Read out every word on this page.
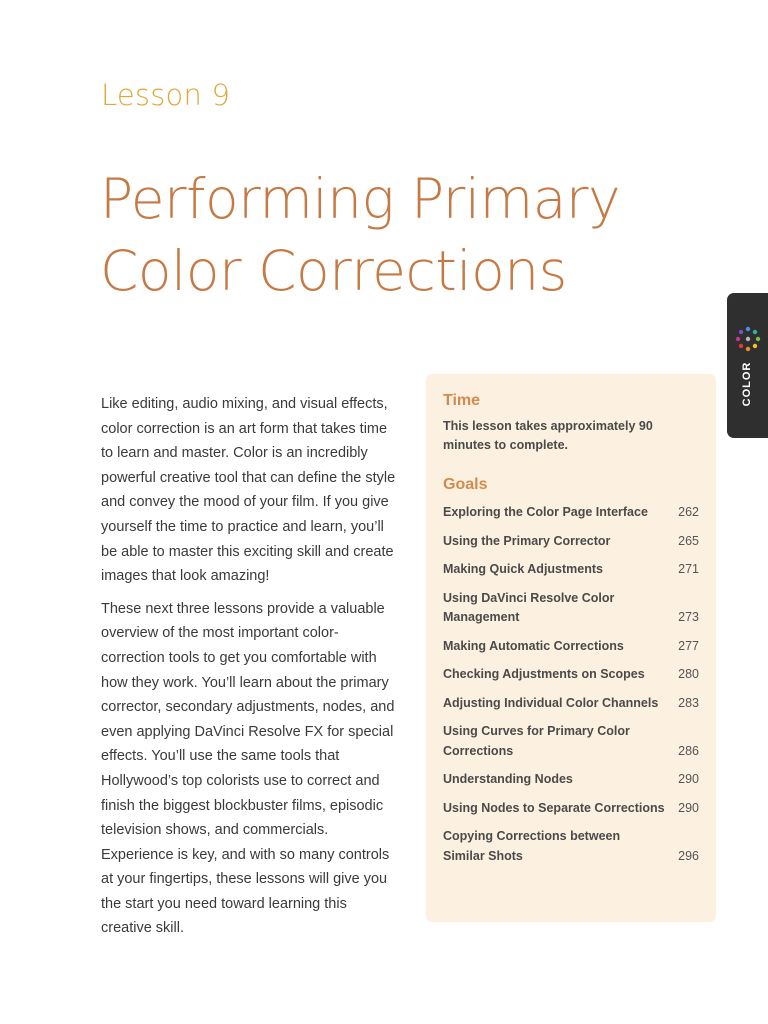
Lesson 9
Performing Primary
Color Corrections

Like editing, audio mixing, and visual effects, color correction is an art form that takes time to learn and master. Color is an incredibly powerful creative tool that can define the style and convey the mood of your film. If you give yourself the time to practice and learn, you’ll be able to master this exciting skill and create images that look amazing!

These next three lessons provide a valuable overview of the most important color-correction tools to get you comfortable with how they work. You’ll learn about the primary corrector, secondary adjustments, nodes, and even applying DaVinci Resolve FX for special effects. You’ll use the same tools that Hollywood’s top colorists use to correct and finish the biggest blockbuster films, episodic television shows, and commercials. Experience is key, and with so many controls at your fingertips, these lessons will give you the start you need toward learning this creative skill.

Time
This lesson takes approximately 90 minutes to complete.
Goals
Exploring the Color Page Interface	262
Using the Primary Corrector	265
Making Quick Adjustments	271
Using DaVinci Resolve Color Management	273
Making Automatic Corrections	277
Checking Adjustments on Scopes	280
Adjusting Individual Color Channels	283
Using Curves for Primary Color Corrections	286
Understanding Nodes	290
Using Nodes to Separate Corrections	290
Copying Corrections between Similar Shots	296
COLOR
